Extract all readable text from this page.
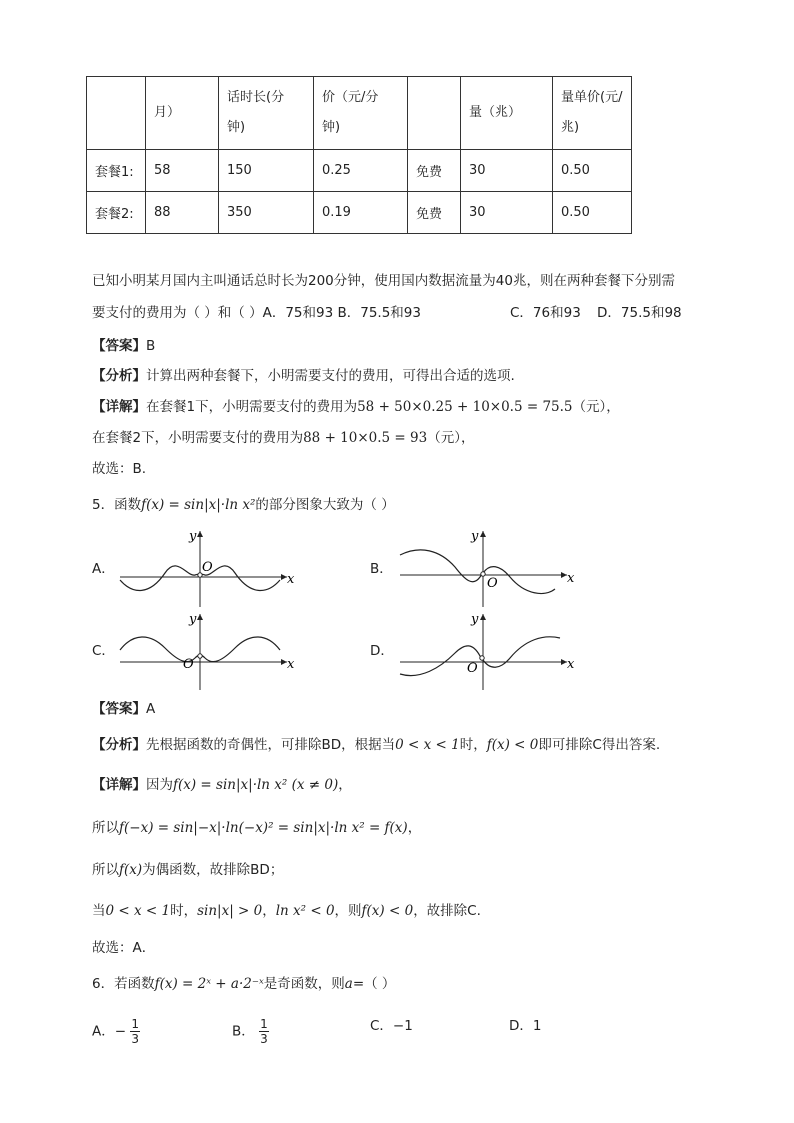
	月）	话时长(分钟)	价（元/分钟)		量（兆）	量单价(元/兆)

套餐1:	58	150	0.25	免费	30	0.50
套餐2:	88	350	0.19	免费	30	0.50
已知小明某月国内主叫通话总时长为200分钟，使用国内数据流量为40兆，则在两种套餐下分别需
要支付的费用为（ ）和（ ）A．75和93 B．75.5和93	C．76和93 D．75.5和98
【答案】B
【分析】计算出两种套餐下，小明需要支付的费用，可得出合适的选项.
【详解】在套餐1下，小明需要支付的费用为58 + 50×0.25 + 10×0.5 = 75.5（元），
在套餐2下，小明需要支付的费用为88 + 10×0.5 = 93（元），
故选：B.
5．函数f(x) = sin|x|·ln x²的部分图象大致为（ ）
A．	B．
C．	D．
x
y
O
x
y
O
x
y
O	x
y
O
【答案】A
【分析】先根据函数的奇偶性，可排除BD，根据当0 < x < 1时，f(x) < 0即可排除C得出答案.
【详解】因为f(x) = sin|x|·ln x² (x ≠ 0)，
所以f(−x) = sin|−x|·ln(−x)² = sin|x|·ln x² = f(x)，
所以f(x)为偶函数，故排除BD；
当0 < x < 1时，sin|x| > 0，ln x² < 0，则f(x) < 0，故排除C.
故选：A．
6．若函数f(x) = 2ˣ + a·2⁻ˣ是奇函数，则a=（ ）
A．− $\frac{1}{3}$	B． $\frac{1}{3}$	C．−1	D．1
